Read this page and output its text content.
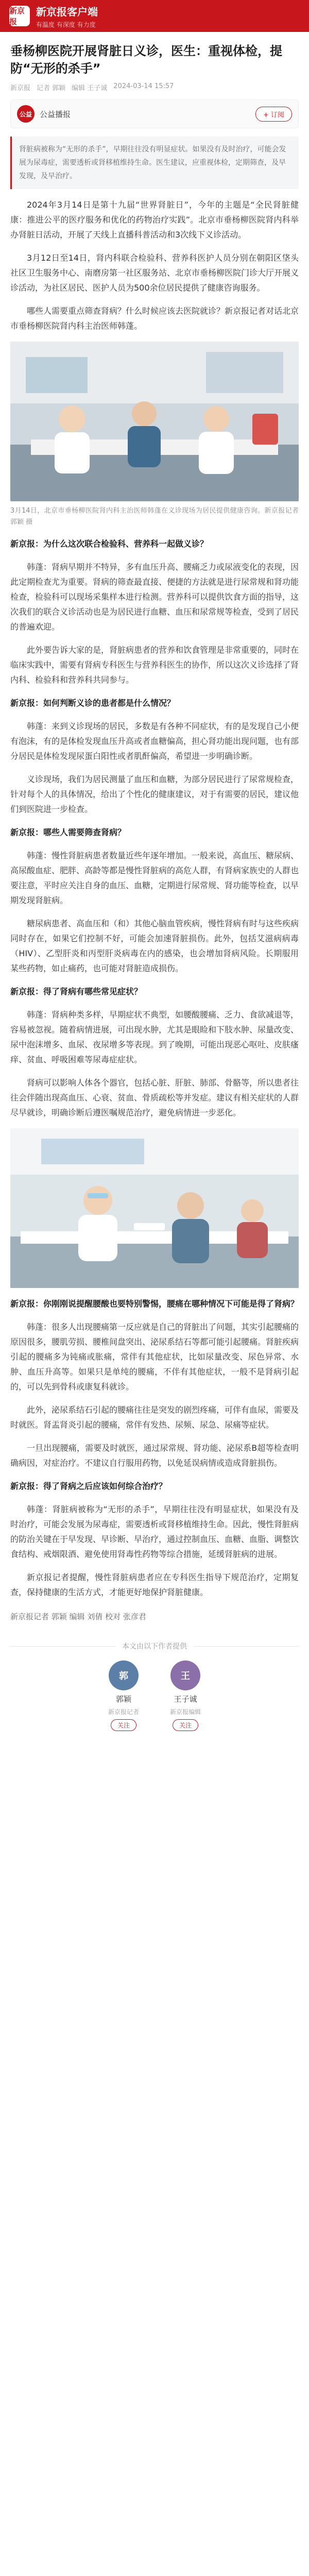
新京报
新京报客户端
有温度 有深度 有力度
垂杨柳医院开展肾脏日义诊，医生：重视体检，提防“无形的杀手”
新京报 记者 郭颖 编辑 王子诚 2024-03-14 15:57
公益	公益播报	+ 订阅
肾脏病被称为“无形的杀手”，早期往往没有明显症状。如果没有及时治疗，可能会发展为尿毒症，需要透析或肾移植维持生命。医生建议，应重视体检，定期筛查，及早发现，及早治疗。

2024年3月14日是第十九届“世界肾脏日”，今年的主题是“全民肾脏健康：推进公平的医疗服务和优化的药物治疗实践”。北京市垂杨柳医院肾内科举办肾脏日活动，开展了天线上直播科普活动和3次线下义诊活动。

3月12日至14日，肾内科联合检验科、营养科医护人员分别在朝阳区垡头社区卫生服务中心、南磨房第一社区服务站、北京市垂杨柳医院门诊大厅开展义诊活动，为社区居民、医护人员为500余位居民提供了健康咨询服务。

哪些人需要重点筛查肾病？什么时候应该去医院就诊？新京报记者对话北京市垂杨柳医院肾内科主治医师韩蓬。

3月14日，北京市垂杨柳医院肾内科主治医师韩蓬在义诊现场为居民提供健康咨询。新京报记者 郭颖 摄

新京报：为什么这次联合检验科、营养科一起做义诊？

韩蓬：肾病早期并不特异，多有血压升高、腰痛乏力或尿液变化的表现，因此定期检查尤为重要。肾病的筛查最直接、便捷的方法就是进行尿常规和肾功能检查，检验科可以现场采集样本进行检测。营养科可以提供饮食方面的指导，这次我们的联合义诊活动也是为居民进行血糖、血压和尿常规等检查，受到了居民的普遍欢迎。

此外要告诉大家的是，肾脏病患者的营养和饮食管理是非常重要的，同时在临床实践中，需要有肾病专科医生与营养科医生的协作，所以这次义诊选择了肾内科、检验科和营养科共同参与。

新京报：如何判断义诊的患者都是什么情况？

韩蓬：来到义诊现场的居民，多数是有各种不同症状，有的是发现自己小便有泡沫，有的是体检发现血压升高或者血糖偏高，担心肾功能出现问题，也有部分居民是体检发现尿蛋白阳性或者肌酐偏高，希望进一步明确诊断。

义诊现场，我们为居民测量了血压和血糖，为部分居民进行了尿常规检查，针对每个人的具体情况，给出了个性化的健康建议，对于有需要的居民，建议他们到医院进一步检查。

新京报：哪些人需要筛查肾病？

韩蓬：慢性肾脏病患者数量近些年逐年增加。一般来说，高血压、糖尿病、高尿酸血症、肥胖、高龄等都是慢性肾脏病的高危人群，有肾病家族史的人群也要注意，平时应关注自身的血压、血糖，定期进行尿常规、肾功能等检查，以早期发现肾脏病。

糖尿病患者、高血压和（和）其他心脑血管疾病，慢性肾病有时与这些疾病同时存在，如果它们控制不好，可能会加速肾脏损伤。此外，包括艾滋病病毒（HIV）、乙型肝炎和丙型肝炎病毒在内的感染，也会增加肾病风险。长期服用某些药物，如止痛药，也可能对肾脏造成损伤。

新京报：得了肾病有哪些常见症状？

韩蓬：肾病种类多样，早期症状不典型，如腰酸腰痛、乏力、食欲减退等，容易被忽视。随着病情进展，可出现水肿，尤其是眼睑和下肢水肿、尿量改变、尿中泡沫增多、血尿、夜尿增多等表现。到了晚期，可能出现恶心呕吐、皮肤瘙痒、贫血、呼吸困难等尿毒症症状。

肾病可以影响人体各个器官，包括心脏、肝脏、肺部、骨骼等，所以患者往往会伴随出现高血压、心衰、贫血、骨质疏松等并发症。建议有相关症状的人群尽早就诊，明确诊断后遵医嘱规范治疗，避免病情进一步恶化。

新京报：你刚刚说提醒腰酸也要特别警惕，腰痛在哪种情况下可能是得了肾病？

韩蓬：很多人出现腰痛第一反应就是自己的肾脏出了问题，其实引起腰痛的原因很多，腰肌劳损、腰椎间盘突出、泌尿系结石等都可能引起腰痛。肾脏疾病引起的腰痛多为钝痛或胀痛，常伴有其他症状，比如尿量改变、尿色异常、水肿、血压升高等。如果只是单纯的腰痛，不伴有其他症状，一般不是肾病引起的，可以先到骨科或康复科就诊。

此外，泌尿系结石引起的腰痛往往是突发的剧烈疼痛，可伴有血尿，需要及时就医。肾盂肾炎引起的腰痛，常伴有发热、尿频、尿急、尿痛等症状。

一旦出现腰痛，需要及时就医，通过尿常规、肾功能、泌尿系B超等检查明确病因，对症治疗。不建议自行服用药物，以免延误病情或造成肾脏损伤。

新京报：得了肾病之后应该如何综合治疗？

韩蓬：肾脏病被称为“无形的杀手”，早期往往没有明显症状，如果没有及时治疗，可能会发展为尿毒症，需要透析或肾移植维持生命。因此，慢性肾脏病的防治关键在于早发现、早诊断、早治疗，通过控制血压、血糖、血脂、调整饮食结构、戒烟限酒、避免使用肾毒性药物等综合措施，延缓肾脏病的进展。

新京报记者提醒，慢性肾脏病患者应在专科医生指导下规范治疗，定期复查，保持健康的生活方式，才能更好地保护肾脏健康。

新京报记者 郭颖 编辑 刘倩 校对 张彦君
本文由以下作者提供
郭
郭颖
新京报记者
关注
王
王子诚
新京报编辑
关注
